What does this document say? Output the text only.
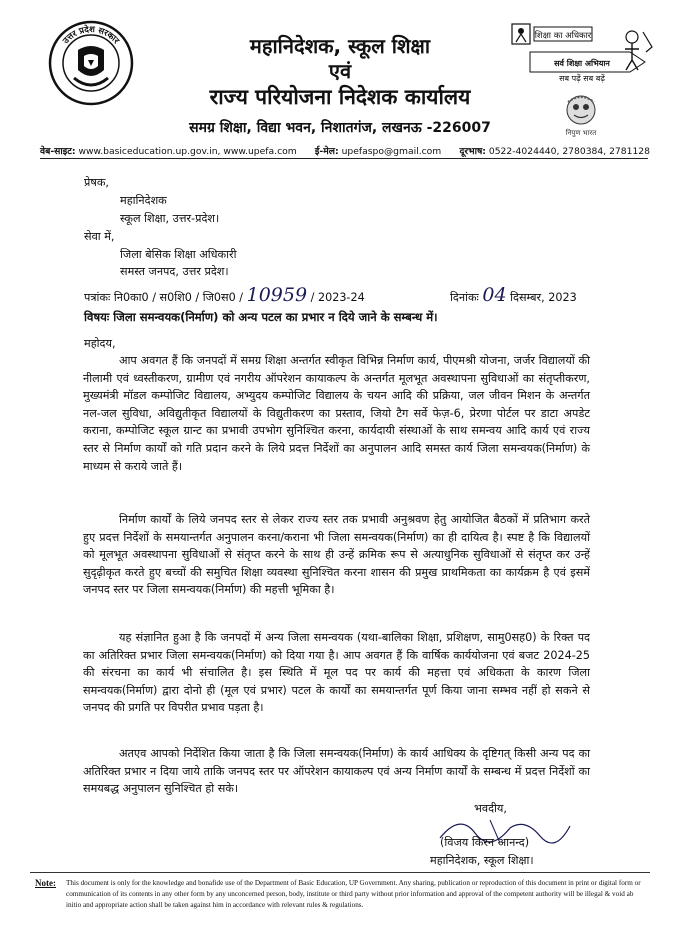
उत्तर प्रदेश सरकार	महानिदेशक, स्कूल शिक्षा
एवं
राज्य परियोजना निदेशक कार्यालय
समग्र शिक्षा, विद्या भवन, निशातगंज, लखनऊ -226007
शिक्षा का अधिकार
सर्व शिक्षा अभियान
सब पढ़ें सब बढ़ें
निपुण भारत
वेब-साइट: www.basiceducation.up.gov.in, www.upefa.com ई-मेल: upefaspo@gmail.com दूरभाष: 0522-4024440, 2780384, 2781128
प्रेषक,
महानिदेशक
स्कूल शिक्षा, उत्तर-प्रदेश।
सेवा में,
जिला बेसिक शिक्षा अधिकारी
समस्त जनपद, उत्तर प्रदेश।
पत्रांकः नि0का0 / स0शि0 / जि0स0 / 10959 / 2023-24	दिनांकः 04 दिसम्बर, 2023
विषयः जिला समन्वयक(निर्माण) को अन्य पटल का प्रभार न दिये जाने के सम्बन्ध में।
महोदय,
आप अवगत हैं कि जनपदों में समग्र शिक्षा अन्तर्गत स्वीकृत विभिन्न निर्माण कार्य, पीएमश्री योजना, जर्जर विद्यालयों की नीलामी एवं ध्वस्तीकरण, ग्रामीण एवं नगरीय ऑपरेशन कायाकल्प के अन्तर्गत मूलभूत अवस्थापना सुविधाओं का संतृप्तीकरण, मुख्यमंत्री मॉडल कम्पोजिट विद्यालय, अभ्युदय कम्पोजिट विद्यालय के चयन आदि की प्रक्रिया, जल जीवन मिशन के अन्तर्गत नल-जल सुविधा, अविद्युतीकृत विद्यालयों के विद्युतीकरण का प्रस्ताव, जियो टैग सर्वे फेज़-6, प्रेरणा पोर्टल पर डाटा अपडेट कराना, कम्पोजिट स्कूल ग्रान्ट का प्रभावी उपभोग सुनिश्चित करना, कार्यदायी संस्थाओं के साथ समन्वय आदि कार्य एवं राज्य स्तर से निर्माण कार्यों को गति प्रदान करने के लिये प्रदत्त निर्देशों का अनुपालन आदि समस्त कार्य जिला समन्वयक(निर्माण) के माध्यम से कराये जाते हैं।
निर्माण कार्यों के लिये जनपद स्तर से लेकर राज्य स्तर तक प्रभावी अनुश्रवण हेतु आयोजित बैठकों में प्रतिभाग करते हुए प्रदत्त निर्देशों के समयान्तर्गत अनुपालन करना/कराना भी जिला समन्वयक(निर्माण) का ही दायित्व है। स्पष्ट है कि विद्यालयों को मूलभूत अवस्थापना सुविधाओं से संतृप्त करने के साथ ही उन्हें क्रमिक रूप से अत्याधुनिक सुविधाओं से संतृप्त कर उन्हें सुदृढ़ीकृत करते हुए बच्चों की समुचित शिक्षा व्यवस्था सुनिश्चित करना शासन की प्रमुख प्राथमिकता का कार्यक्रम है एवं इसमें जनपद स्तर पर जिला समन्वयक(निर्माण) की महत्ती भूमिका है।
यह संज्ञानित हुआ है कि जनपदों में अन्य जिला समन्वयक (यथा-बालिका शिक्षा, प्रशिक्षण, सामु0सह0) के रिक्त पद का अतिरिक्त प्रभार जिला समन्वयक(निर्माण) को दिया गया है। आप अवगत हैं कि वार्षिक कार्ययोजना एवं बजट 2024-25 की संरचना का कार्य भी संचालित है। इस स्थिति में मूल पद पर कार्य की महत्ता एवं अधिकता के कारण जिला समन्वयक(निर्माण) द्वारा दोनो ही (मूल एवं प्रभार) पटल के कार्यों का समयान्तर्गत पूर्ण किया जाना सम्भव नहीं हो सकने से जनपद की प्रगति पर विपरीत प्रभाव पड़ता है।
अतएव आपको निर्देशित किया जाता है कि जिला समन्वयक(निर्माण) के कार्य आधिक्य के दृष्टिगत् किसी अन्य पद का अतिरिक्त प्रभार न दिया जाये ताकि जनपद स्तर पर ऑपरेशन कायाकल्प एवं अन्य निर्माण कार्यों के सम्बन्ध में प्रदत्त निर्देशों का समयबद्ध अनुपालन सुनिश्चित हो सके।
भवदीय,
(विजय किरन आनन्द)
महानिदेशक, स्कूल शिक्षा।
Note: This document is only for the knowledge and bonafide use of the Department of Basic Education, UP Government. Any sharing, publication or reproduction of this document in print or digital form or communication of its contents in any other form by any unconcerned person, body, institute or third party without prior information and approval of the competent authority will be illegal & void ab initio and appropriate action shall be taken against him in accordance with relevant rules & regulations.
